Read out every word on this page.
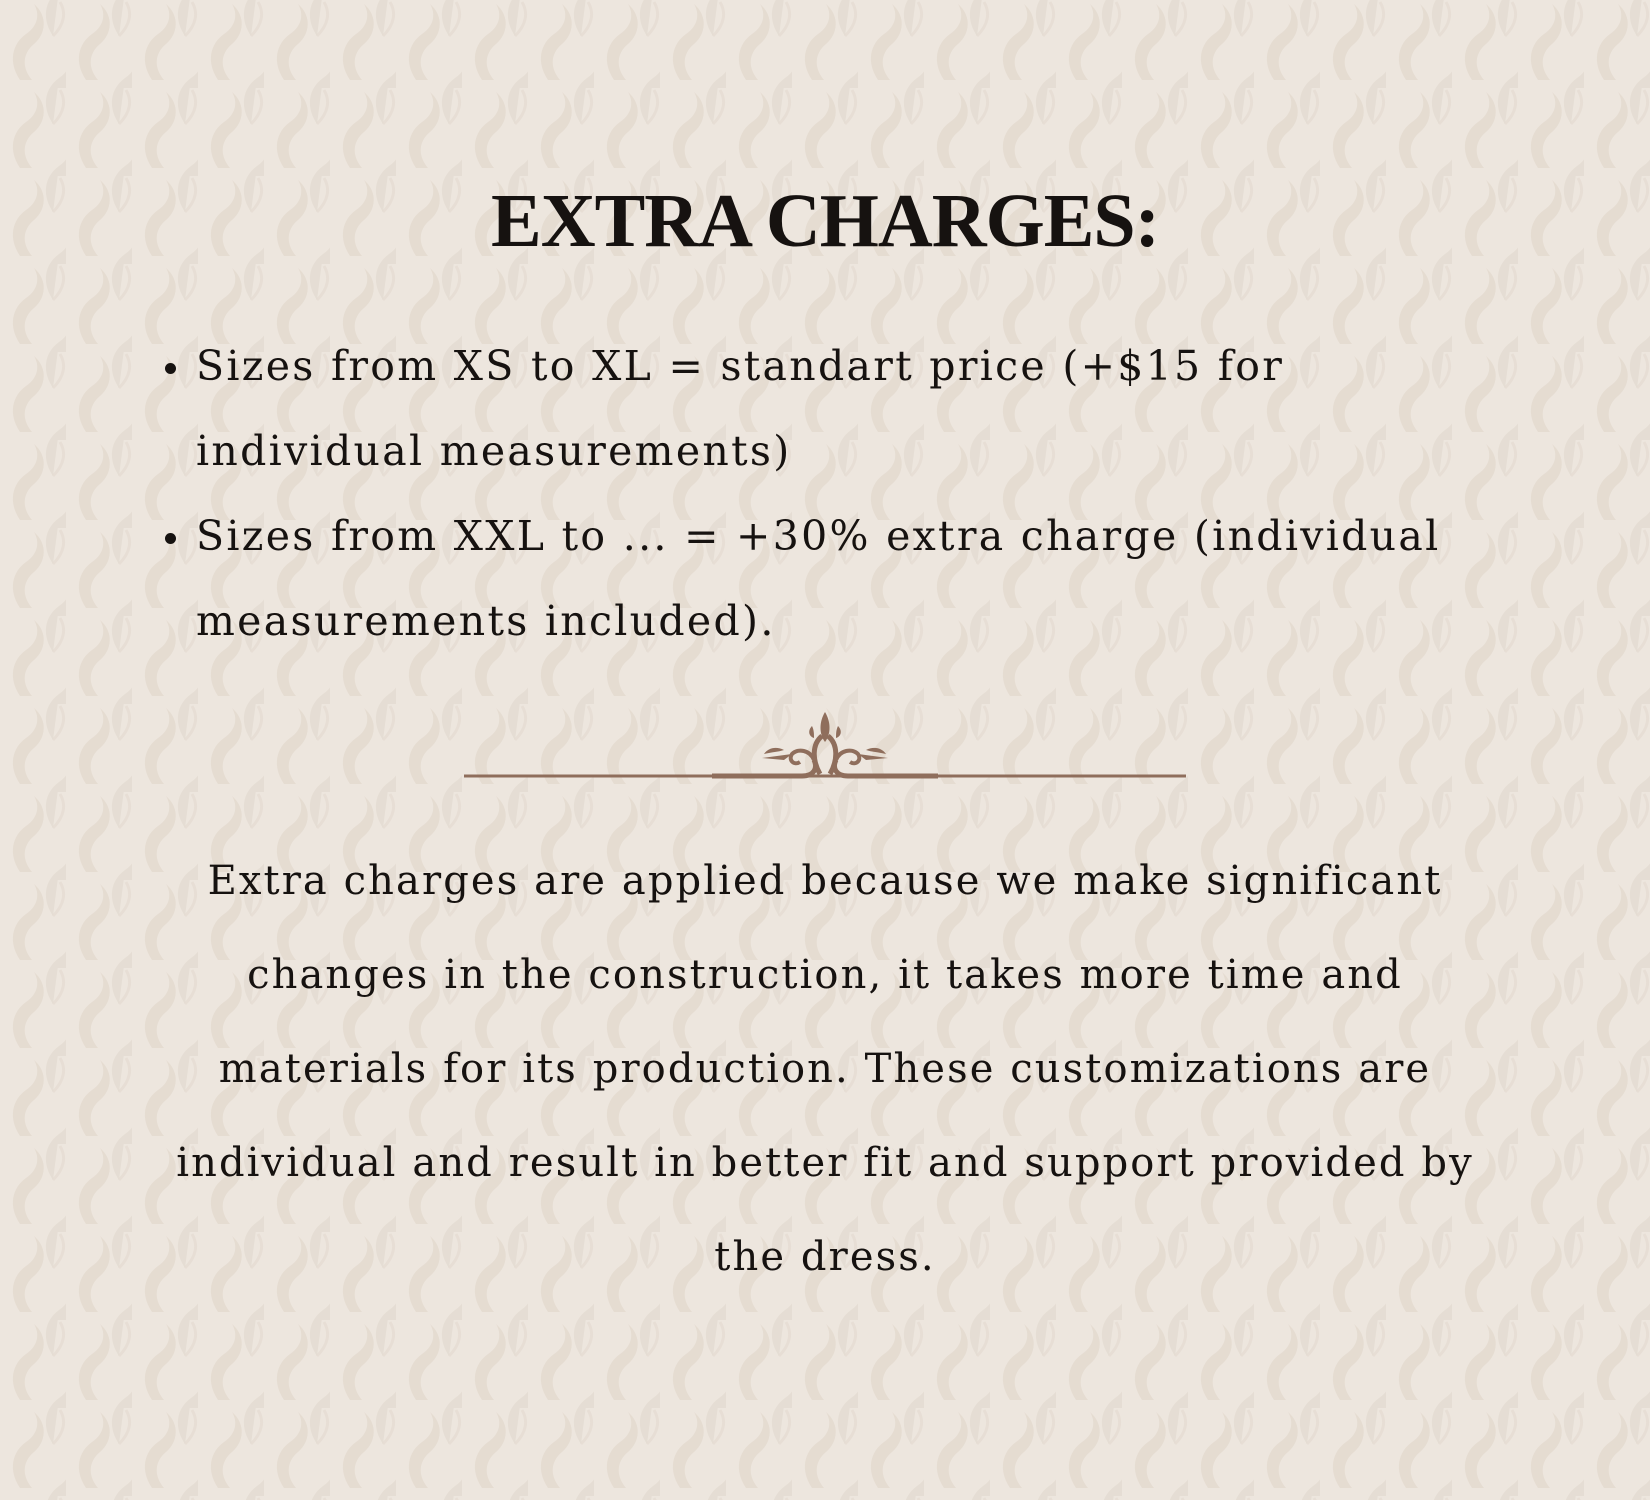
EXTRA CHARGES:
Sizes from XS to XL = standart price (+$15 for
individual measurements)
Sizes from XXL to ... = +30% extra charge (individual
measurements included).

Extra charges are applied because we make significant
changes in the construction, it takes more time and
materials for its production. These customizations are
individual and result in better fit and support provided by
the dress.
